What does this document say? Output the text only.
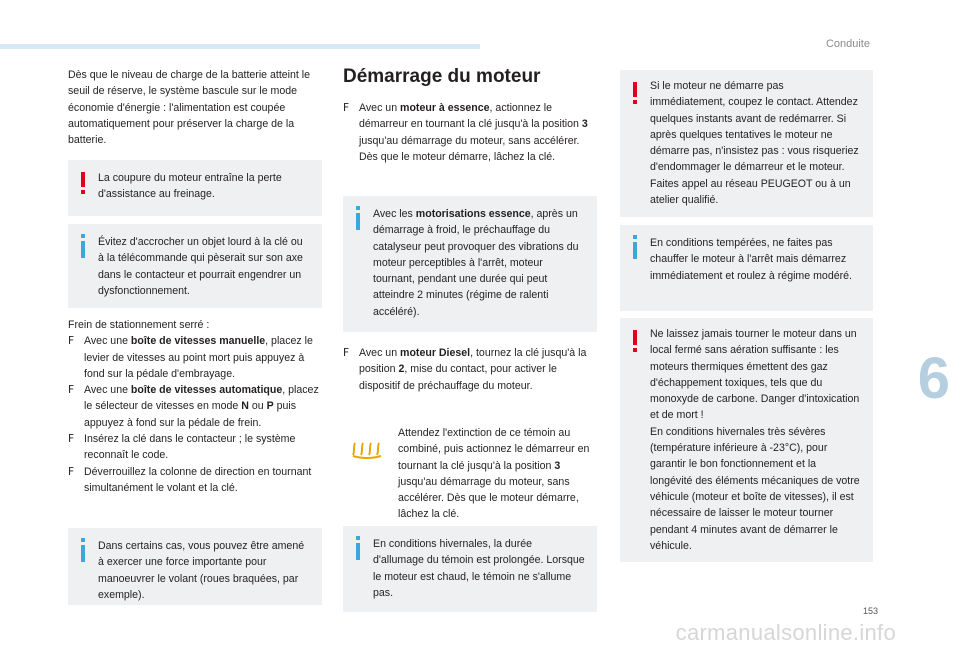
Conduite
6
153
carmanualsonline.info

Dès que le niveau de charge de la batterie atteint le seuil de réserve, le système bascule sur le mode économie d'énergie : l'alimentation est coupée automatiquement pour préserver la charge de la batterie.

La coupure du moteur entraîne la perte d'assistance au freinage.
Évitez d'accrocher un objet lourd à la clé ou à la télécommande qui pèserait sur son axe dans le contacteur et pourrait engendrer un dysfonctionnement.

Frein de stationnement serré :

F Avec une boîte de vitesses manuelle, placez le levier de vitesses au point mort puis appuyez à fond sur la pédale d'embrayage.
F Avec une boîte de vitesses automatique, placez le sélecteur de vitesses en mode N ou P puis appuyez à fond sur la pédale de frein.
F Insérez la clé dans le contacteur ; le système reconnaît le code.
F Déverrouillez la colonne de direction en tournant simultanément le volant et la clé.
Dans certains cas, vous pouvez être amené à exercer une force importante pour manoeuvrer le volant (roues braquées, par exemple).
Démarrage du moteur
F Avec un moteur à essence, actionnez le démarreur en tournant la clé jusqu'à la position 3 jusqu'au démarrage du moteur, sans accélérer. Dès que le moteur démarre, lâchez la clé.
Avec les motorisations essence, après un démarrage à froid, le préchauffage du catalyseur peut provoquer des vibrations du moteur perceptibles à l'arrêt, moteur tournant, pendant une durée qui peut atteindre 2 minutes (régime de ralenti accéléré).
F Avec un moteur Diesel, tournez la clé jusqu'à la position 2, mise du contact, pour activer le dispositif de préchauffage du moteur.

Attendez l'extinction de ce témoin au combiné, puis actionnez le démarreur en tournant la clé jusqu'à la position 3 jusqu'au démarrage du moteur, sans accélérer. Dès que le moteur démarre, lâchez la clé.

En conditions hivernales, la durée d'allumage du témoin est prolongée. Lorsque le moteur est chaud, le témoin ne s'allume pas.
Si le moteur ne démarre pas immédiatement, coupez le contact. Attendez quelques instants avant de redémarrer. Si après quelques tentatives le moteur ne démarre pas, n'insistez pas : vous risqueriez d'endommager le démarreur et le moteur. Faites appel au réseau PEUGEOT ou à un atelier qualifié.
En conditions tempérées, ne faites pas chauffer le moteur à l'arrêt mais démarrez immédiatement et roulez à régime modéré.

Ne laissez jamais tourner le moteur dans un local fermé sans aération suffisante : les moteurs thermiques émettent des gaz d'échappement toxiques, tels que du monoxyde de carbone. Danger d'intoxication et de mort !

En conditions hivernales très sévères (température inférieure à -23°C), pour garantir le bon fonctionnement et la longévité des éléments mécaniques de votre véhicule (moteur et boîte de vitesses), il est nécessaire de laisser le moteur tourner pendant 4 minutes avant de démarrer le véhicule.
